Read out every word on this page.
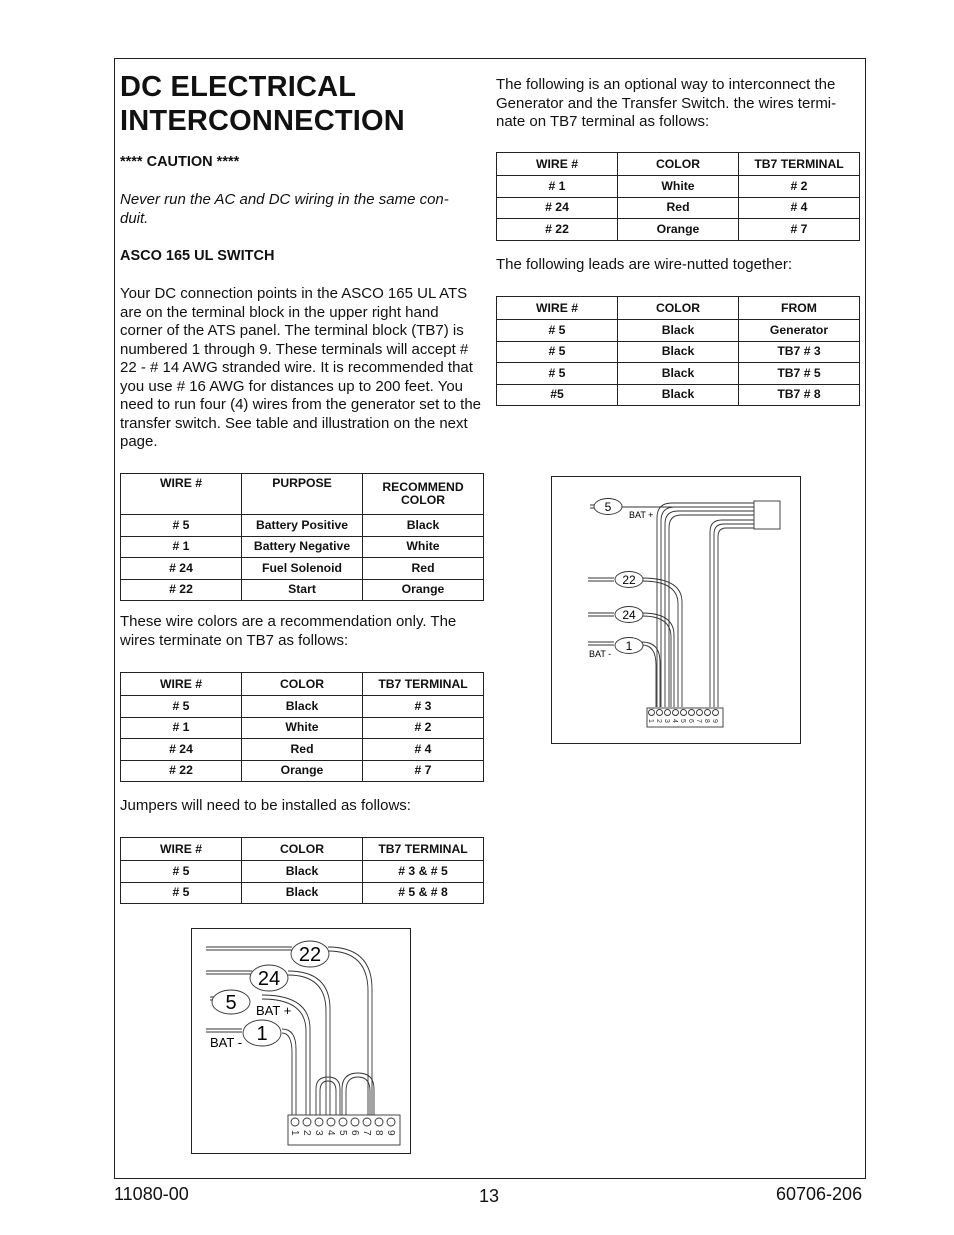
DC ELECTRICAL INTERCONNECTION
**** CAUTION ****
Never run the AC and DC wiring in the same con-duit.
ASCO 165 UL SWITCH
Your DC connection points in the ASCO 165 UL ATS are on the terminal block in the upper right hand corner of the ATS panel. The terminal block (TB7) is numbered 1 through 9. These terminals will accept # 22 - # 14 AWG stranded wire. It is recommended that you use # 16 AWG for distances up to 200 feet. You need to run four (4) wires from the generator set to the transfer switch. See table and illustration on the next page.
WIRE #	PURPOSE	RECOMMEND COLOR
# 5	Battery Positive	Black
# 1	Battery Negative	White
# 24	Fuel Solenoid	Red
# 22	Start	Orange
These wire colors are a recommendation only. The wires terminate on TB7 as follows:
WIRE #	COLOR	TB7 TERMINAL
# 5	Black	# 3
# 1	White	# 2
# 24	Red	# 4
# 22	Orange	# 7
Jumpers will need to be installed as follows:
WIRE #	COLOR	TB7 TERMINAL
# 5	Black	# 3 & # 5
# 5	Black	# 5 & # 8
The following is an optional way to interconnect the Generator and the Transfer Switch. the wires termi-nate on TB7 terminal as follows:
WIRE #	COLOR	TB7 TERMINAL
# 1	White	# 2
# 24	Red	# 4
# 22	Orange	# 7
The following leads are wire-nutted together:
WIRE #	COLOR	FROM
# 5	Black	Generator
# 5	Black	TB7 # 3
# 5	Black	TB7 # 5
#5	Black	TB7 # 8
5
22
24
1
BAT +
BAT -
1 2 3 4 5 6 7 8 9
22
24
5
1
BAT +
BAT -
1 2 3 4 5 6 7 8 9
11080-00	13	60706-206
